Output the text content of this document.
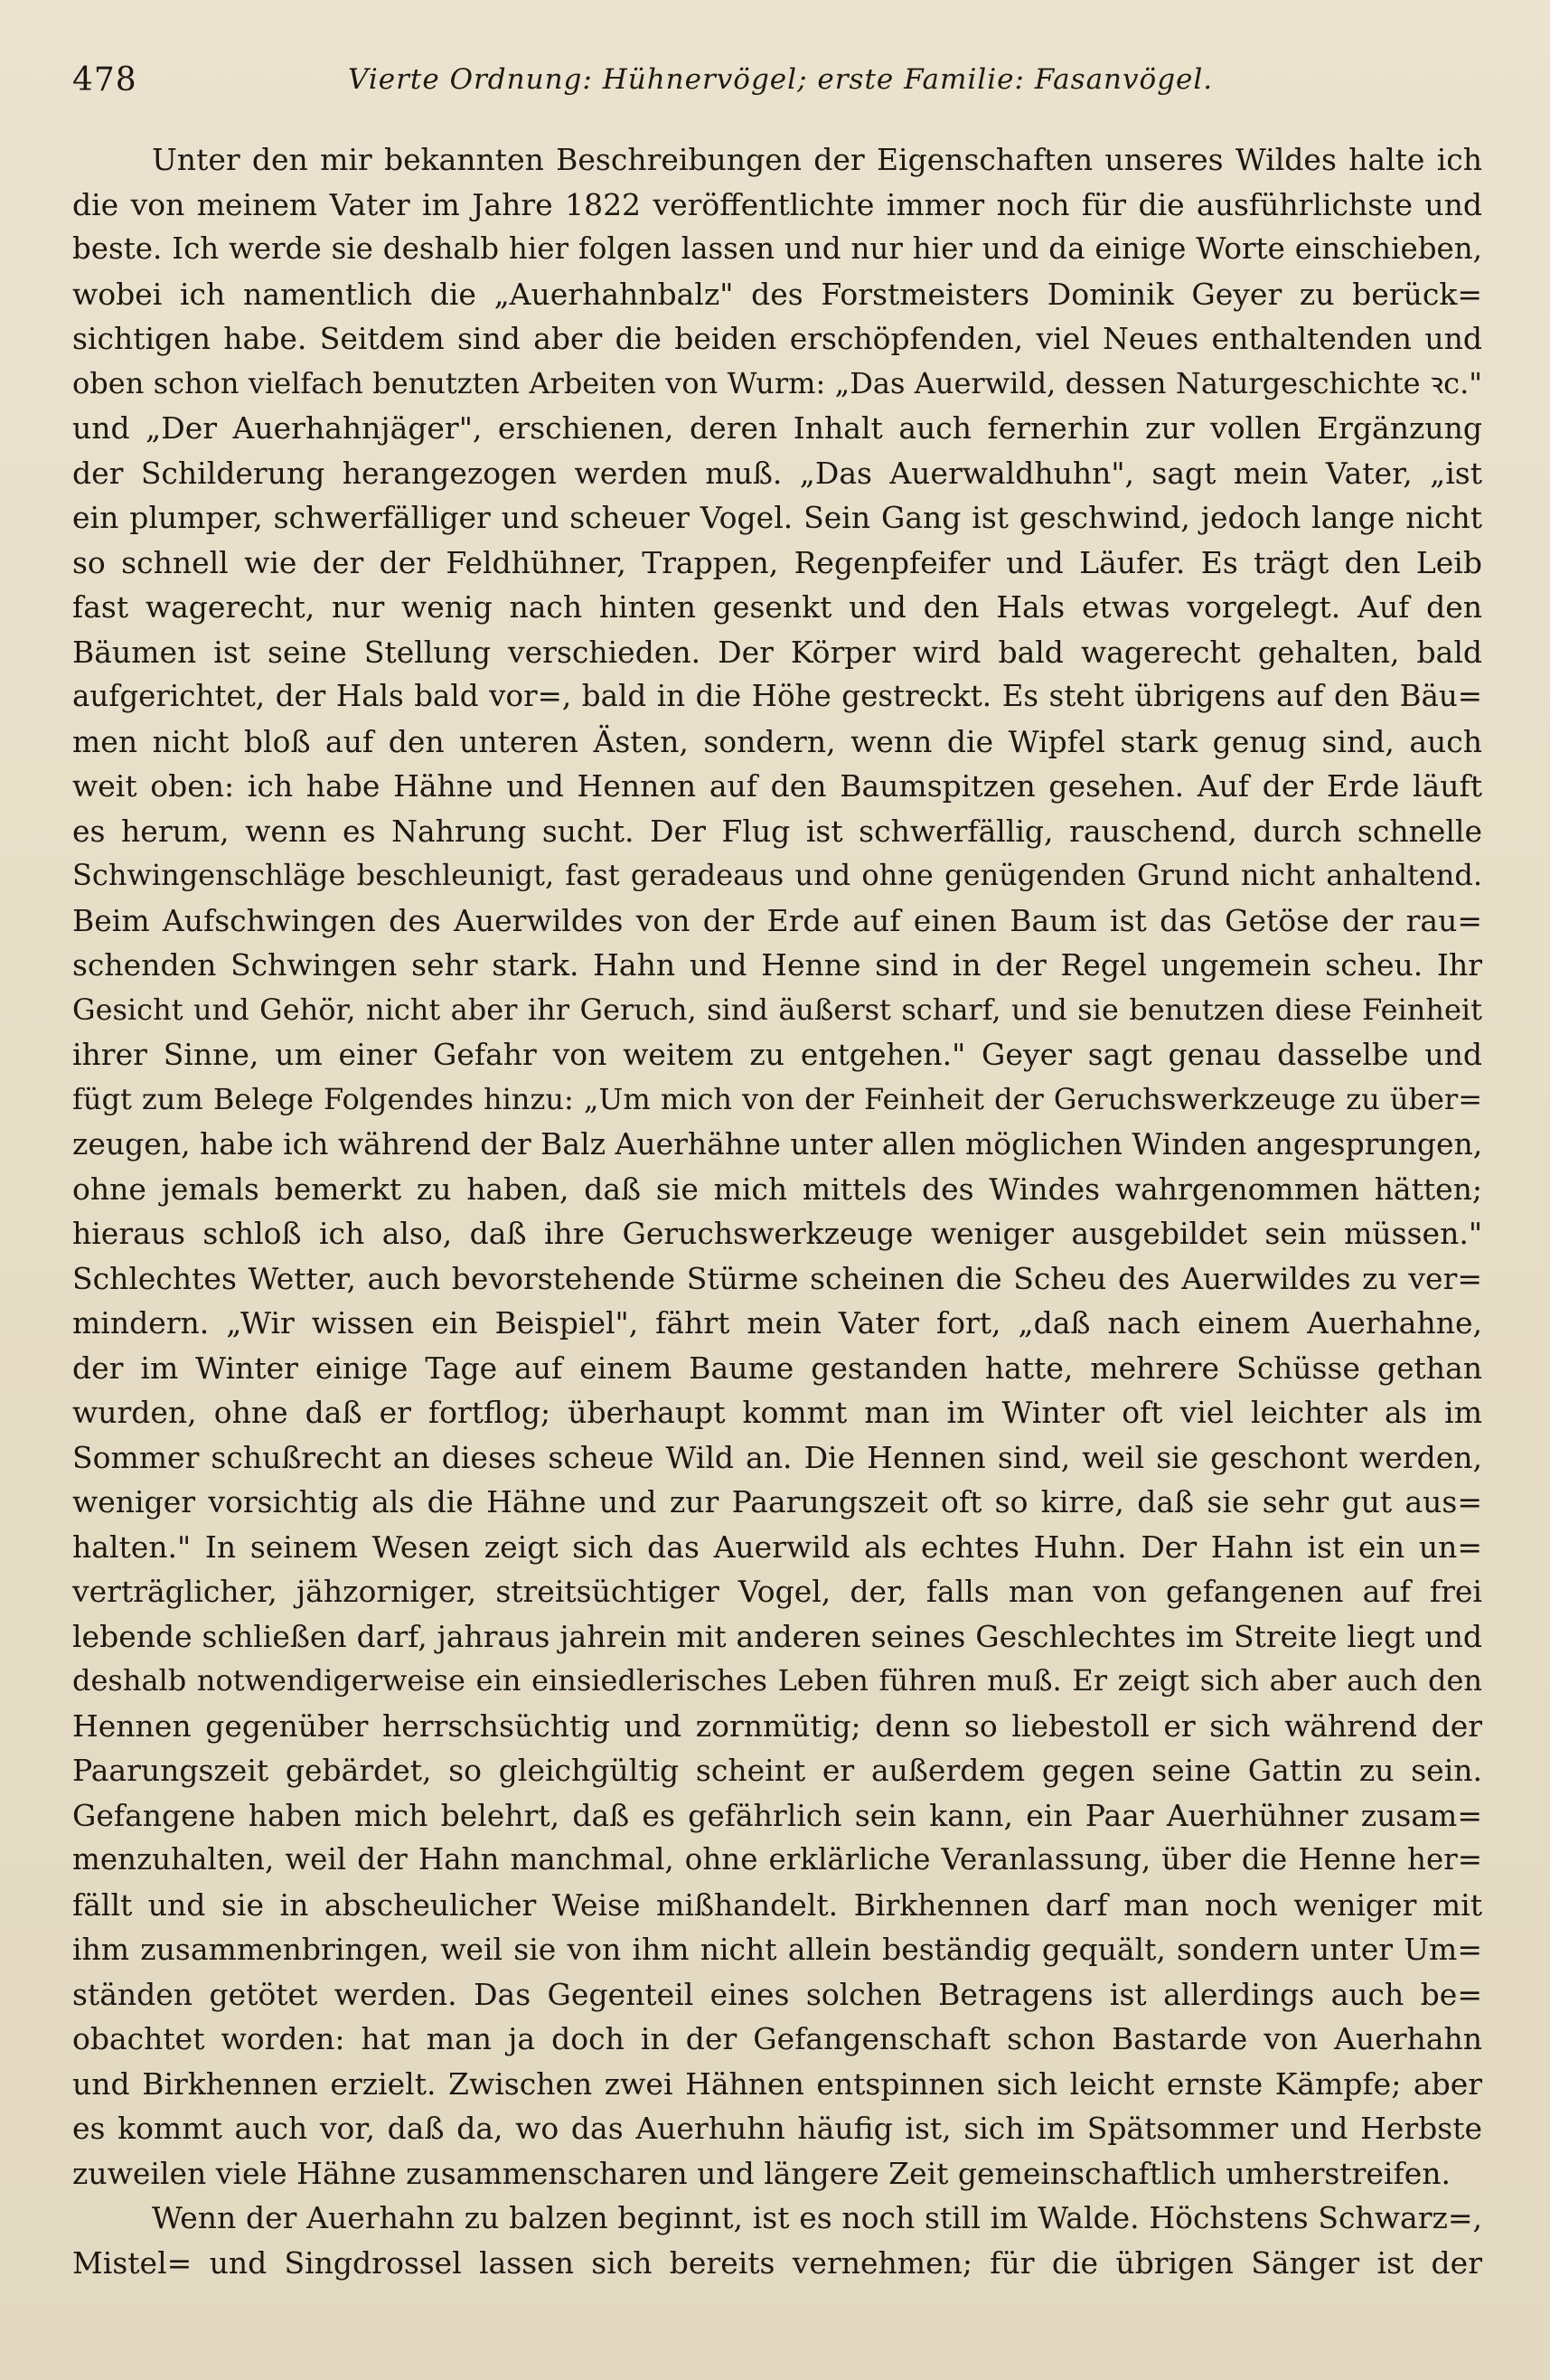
478	Vierte Ordnung: Hühnervögel; erste Familie: Fasanvögel.
Unter den mir bekannten Beschreibungen der Eigenschaften unseres Wildes halte ich
die von meinem Vater im Jahre 1822 veröffentlichte immer noch für die ausführlichste und
beste. Ich werde sie deshalb hier folgen lassen und nur hier und da einige Worte einschieben,
wobei ich namentlich die „Auerhahnbalz" des Forstmeisters Dominik Geyer zu berück=
sichtigen habe. Seitdem sind aber die beiden erschöpfenden, viel Neues enthaltenden und
oben schon vielfach benutzten Arbeiten von Wurm: „Das Auerwild, dessen Naturgeschichte ꝛc."
und „Der Auerhahnjäger", erschienen, deren Inhalt auch fernerhin zur vollen Ergänzung
der Schilderung herangezogen werden muß. „Das Auerwaldhuhn", sagt mein Vater, „ist
ein plumper, schwerfälliger und scheuer Vogel. Sein Gang ist geschwind, jedoch lange nicht
so schnell wie der der Feldhühner, Trappen, Regenpfeifer und Läufer. Es trägt den Leib
fast wagerecht, nur wenig nach hinten gesenkt und den Hals etwas vorgelegt. Auf den
Bäumen ist seine Stellung verschieden. Der Körper wird bald wagerecht gehalten, bald
aufgerichtet, der Hals bald vor=, bald in die Höhe gestreckt. Es steht übrigens auf den Bäu=
men nicht bloß auf den unteren Ästen, sondern, wenn die Wipfel stark genug sind, auch
weit oben: ich habe Hähne und Hennen auf den Baumspitzen gesehen. Auf der Erde läuft
es herum, wenn es Nahrung sucht. Der Flug ist schwerfällig, rauschend, durch schnelle
Schwingenschläge beschleunigt, fast geradeaus und ohne genügenden Grund nicht anhaltend.
Beim Aufschwingen des Auerwildes von der Erde auf einen Baum ist das Getöse der rau=
schenden Schwingen sehr stark. Hahn und Henne sind in der Regel ungemein scheu. Ihr
Gesicht und Gehör, nicht aber ihr Geruch, sind äußerst scharf, und sie benutzen diese Feinheit
ihrer Sinne, um einer Gefahr von weitem zu entgehen." Geyer sagt genau dasselbe und
fügt zum Belege Folgendes hinzu: „Um mich von der Feinheit der Geruchswerkzeuge zu über=
zeugen, habe ich während der Balz Auerhähne unter allen möglichen Winden angesprungen,
ohne jemals bemerkt zu haben, daß sie mich mittels des Windes wahrgenommen hätten;
hieraus schloß ich also, daß ihre Geruchswerkzeuge weniger ausgebildet sein müssen."
Schlechtes Wetter, auch bevorstehende Stürme scheinen die Scheu des Auerwildes zu ver=
mindern. „Wir wissen ein Beispiel", fährt mein Vater fort, „daß nach einem Auerhahne,
der im Winter einige Tage auf einem Baume gestanden hatte, mehrere Schüsse gethan
wurden, ohne daß er fortflog; überhaupt kommt man im Winter oft viel leichter als im
Sommer schußrecht an dieses scheue Wild an. Die Hennen sind, weil sie geschont werden,
weniger vorsichtig als die Hähne und zur Paarungszeit oft so kirre, daß sie sehr gut aus=
halten." In seinem Wesen zeigt sich das Auerwild als echtes Huhn. Der Hahn ist ein un=
verträglicher, jähzorniger, streitsüchtiger Vogel, der, falls man von gefangenen auf frei
lebende schließen darf, jahraus jahrein mit anderen seines Geschlechtes im Streite liegt und
deshalb notwendigerweise ein einsiedlerisches Leben führen muß. Er zeigt sich aber auch den
Hennen gegenüber herrschsüchtig und zornmütig; denn so liebestoll er sich während der
Paarungszeit gebärdet, so gleichgültig scheint er außerdem gegen seine Gattin zu sein.
Gefangene haben mich belehrt, daß es gefährlich sein kann, ein Paar Auerhühner zusam=
menzuhalten, weil der Hahn manchmal, ohne erklärliche Veranlassung, über die Henne her=
fällt und sie in abscheulicher Weise mißhandelt. Birkhennen darf man noch weniger mit
ihm zusammenbringen, weil sie von ihm nicht allein beständig gequält, sondern unter Um=
ständen getötet werden. Das Gegenteil eines solchen Betragens ist allerdings auch be=
obachtet worden: hat man ja doch in der Gefangenschaft schon Bastarde von Auerhahn
und Birkhennen erzielt. Zwischen zwei Hähnen entspinnen sich leicht ernste Kämpfe; aber
es kommt auch vor, daß da, wo das Auerhuhn häufig ist, sich im Spätsommer und Herbste
zuweilen viele Hähne zusammenscharen und längere Zeit gemeinschaftlich umherstreifen.
Wenn der Auerhahn zu balzen beginnt, ist es noch still im Walde. Höchstens Schwarz=,
Mistel= und Singdrossel lassen sich bereits vernehmen; für die übrigen Sänger ist der
